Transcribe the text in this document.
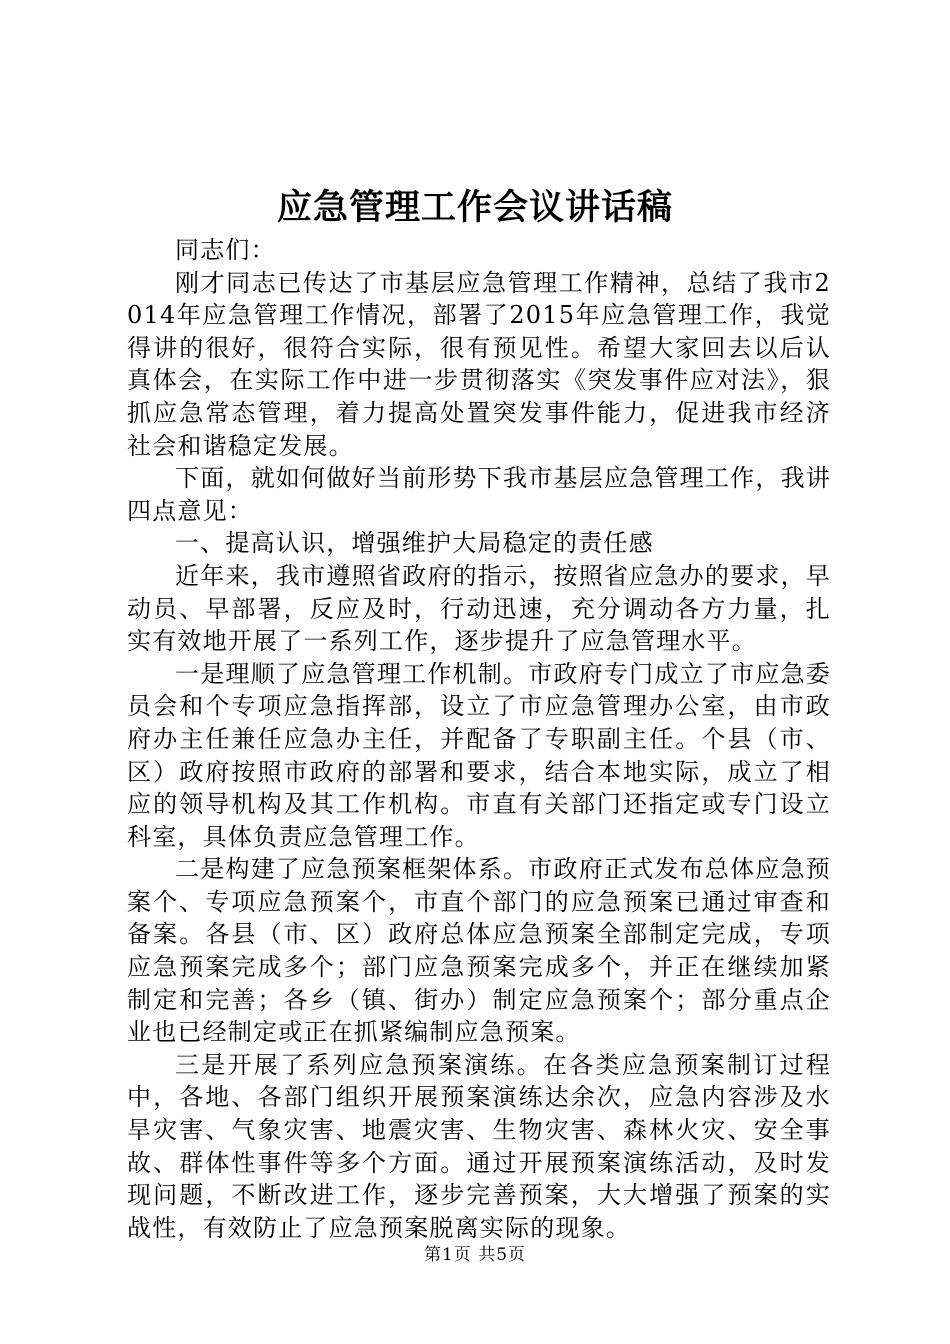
应急管理工作会议讲话稿

同志们：

刚才同志已传达了市基层应急管理工作精神，总结了我市2014年应急管理工作情况，部署了2015年应急管理工作，我觉得讲的很好，很符合实际，很有预见性。希望大家回去以后认真体会，在实际工作中进一步贯彻落实《突发事件应对法》，狠抓应急常态管理，着力提高处置突发事件能力，促进我市经济社会和谐稳定发展。

下面，就如何做好当前形势下我市基层应急管理工作，我讲四点意见：

一、提高认识，增强维护大局稳定的责任感

近年来，我市遵照省政府的指示，按照省应急办的要求，早动员、早部署，反应及时，行动迅速，充分调动各方力量，扎实有效地开展了一系列工作，逐步提升了应急管理水平。

一是理顺了应急管理工作机制。市政府专门成立了市应急委员会和个专项应急指挥部，设立了市应急管理办公室，由市政府办主任兼任应急办主任，并配备了专职副主任。个县（市、区）政府按照市政府的部署和要求，结合本地实际，成立了相应的领导机构及其工作机构。市直有关部门还指定或专门设立科室，具体负责应急管理工作。

二是构建了应急预案框架体系。市政府正式发布总体应急预案个、专项应急预案个，市直个部门的应急预案已通过审查和备案。各县（市、区）政府总体应急预案全部制定完成，专项应急预案完成多个；部门应急预案完成多个，并正在继续加紧制定和完善；各乡（镇、街办）制定应急预案个；部分重点企业也已经制定或正在抓紧编制应急预案。

三是开展了系列应急预案演练。在各类应急预案制订过程中，各地、各部门组织开展预案演练达余次，应急内容涉及水旱灾害、气象灾害、地震灾害、生物灾害、森林火灾、安全事故、群体性事件等多个方面。通过开展预案演练活动，及时发现问题，不断改进工作，逐步完善预案，大大增强了预案的实战性，有效防止了应急预案脱离实际的现象。

第1页 共5页
